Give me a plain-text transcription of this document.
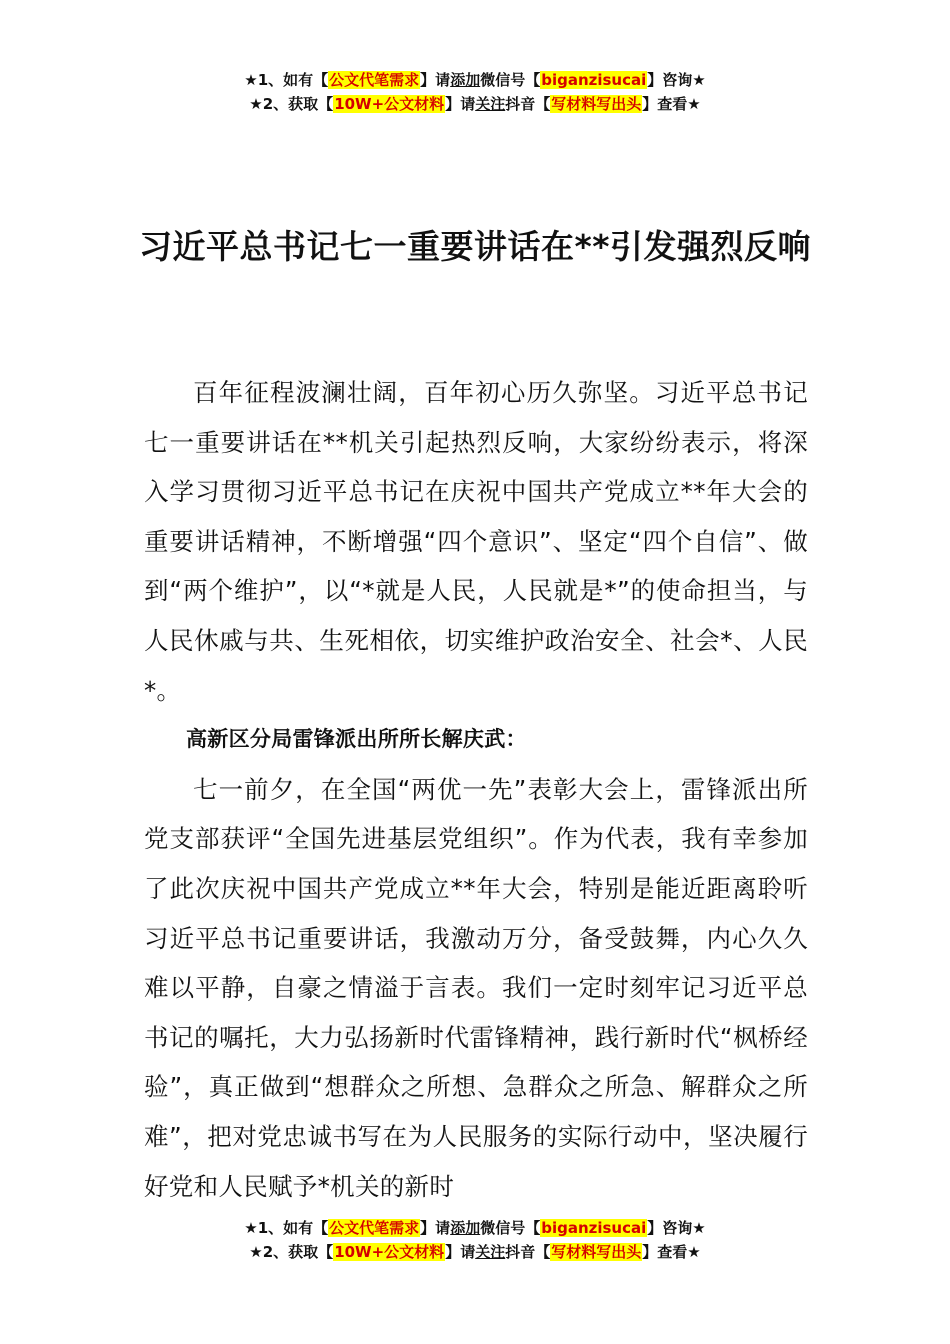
★1、如有【公文代笔需求】请添加微信号【biganzisucai】咨询★
★2、获取【10W+公文材料】请关注抖音【写材料写出头】查看★
习近平总书记七一重要讲话在**引发强烈反响

百年征程波澜壮阔，百年初心历久弥坚。习近平总书记七一重要讲话在**机关引起热烈反响，大家纷纷表示，将深入学习贯彻习近平总书记在庆祝中国共产党成立**年大会的重要讲话精神，不断增强“四个意识”、坚定“四个自信”、做到“两个维护”，以“*就是人民，人民就是*”的使命担当，与人民休戚与共、生死相依，切实维护政治安全、社会*、人民*。

高新区分局雷锋派出所所长解庆武：

七一前夕，在全国“两优一先”表彰大会上，雷锋派出所党支部获评“全国先进基层党组织”。作为代表，我有幸参加了此次庆祝中国共产党成立**年大会，特别是能近距离聆听习近平总书记重要讲话，我激动万分，备受鼓舞，内心久久难以平静，自豪之情溢于言表。我们一定时刻牢记习近平总书记的嘱托，大力弘扬新时代雷锋精神，践行新时代“枫桥经验”，真正做到“想群众之所想、急群众之所急、解群众之所难”，把对党忠诚书写在为人民服务的实际行动中，坚决履行好党和人民赋予*机关的新时

★1、如有【公文代笔需求】请添加微信号【biganzisucai】咨询★
★2、获取【10W+公文材料】请关注抖音【写材料写出头】查看★
